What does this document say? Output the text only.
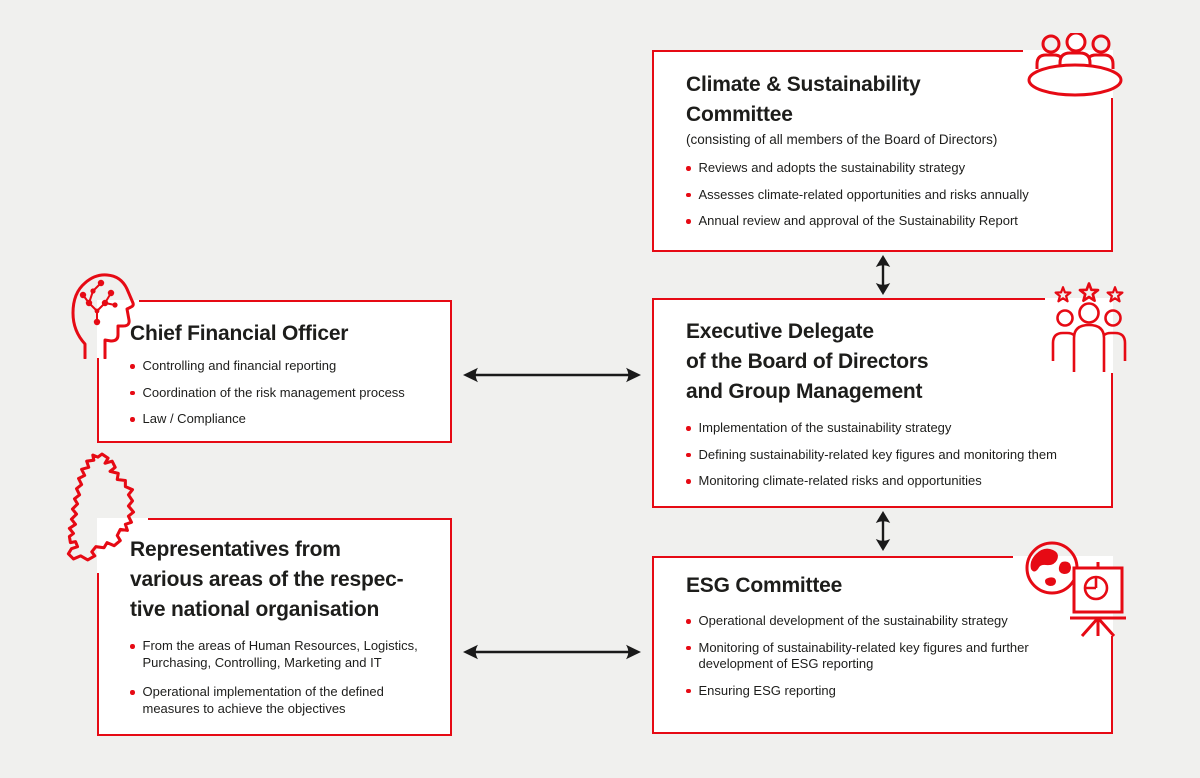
Climate & Sustainability
Committee

(consisting of all members of the Board of Directors)

Reviews and adopts the sustainability strategy
Assesses climate-related opportunities and risks annually
Annual review and approval of the Sustainability Report
Executive Delegate
of the Board of Directors
and Group Management
Implementation of the sustainability strategy
Defining sustainability-related key figures and monitoring them
Monitoring climate-related risks and opportunities
ESG Committee
Operational development of the sustainability strategy
Monitoring of sustainability-related key figures and further development of ESG reporting
Ensuring ESG reporting
Chief Financial Officer
Controlling and financial reporting
Coordination of the risk management process
Law / Compliance
Representatives from
various areas of the respec-
tive national organisation
From the areas of Human Resources, Logistics, Purchasing, Controlling, Marketing and IT
Operational implementation of the defined measures to achieve the objectives
